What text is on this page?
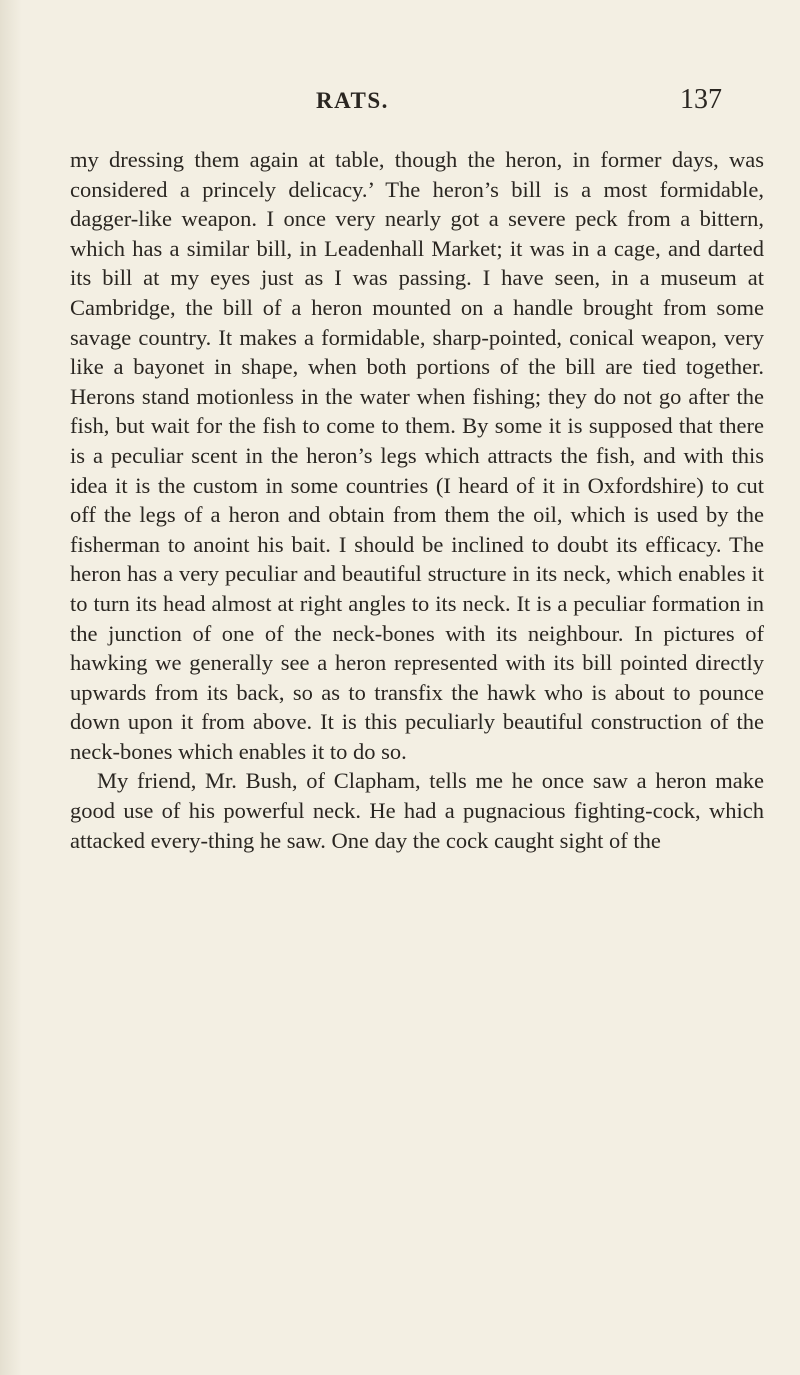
RATS.	137

my dressing them again at table, though the heron, in former days, was considered a princely delicacy.’ The heron’s bill is a most formidable, dagger-like weapon. I once very nearly got a severe peck from a bittern, which has a similar bill, in Leadenhall Market; it was in a cage, and darted its bill at my eyes just as I was passing. I have seen, in a museum at Cambridge, the bill of a heron mounted on a handle brought from some savage country. It makes a formidable, sharp-pointed, conical weapon, very like a bayonet in shape, when both portions of the bill are tied together. Herons stand motionless in the water when fishing; they do not go after the fish, but wait for the fish to come to them. By some it is supposed that there is a peculiar scent in the heron’s legs which attracts the fish, and with this idea it is the custom in some countries (I heard of it in Oxfordshire) to cut off the legs of a heron and obtain from them the oil, which is used by the fisherman to anoint his bait. I should be inclined to doubt its efficacy. The heron has a very peculiar and beautiful structure in its neck, which enables it to turn its head almost at right angles to its neck. It is a peculiar formation in the junction of one of the neck-bones with its neighbour. In pictures of hawking we generally see a heron represented with its bill pointed directly upwards from its back, so as to transfix the hawk who is about to pounce down upon it from above. It is this peculiarly beautiful construction of the neck-bones which enables it to do so.

My friend, Mr. Bush, of Clapham, tells me he once saw a heron make good use of his powerful neck. He had a pugnacious fighting-cock, which attacked every-thing he saw. One day the cock caught sight of the
